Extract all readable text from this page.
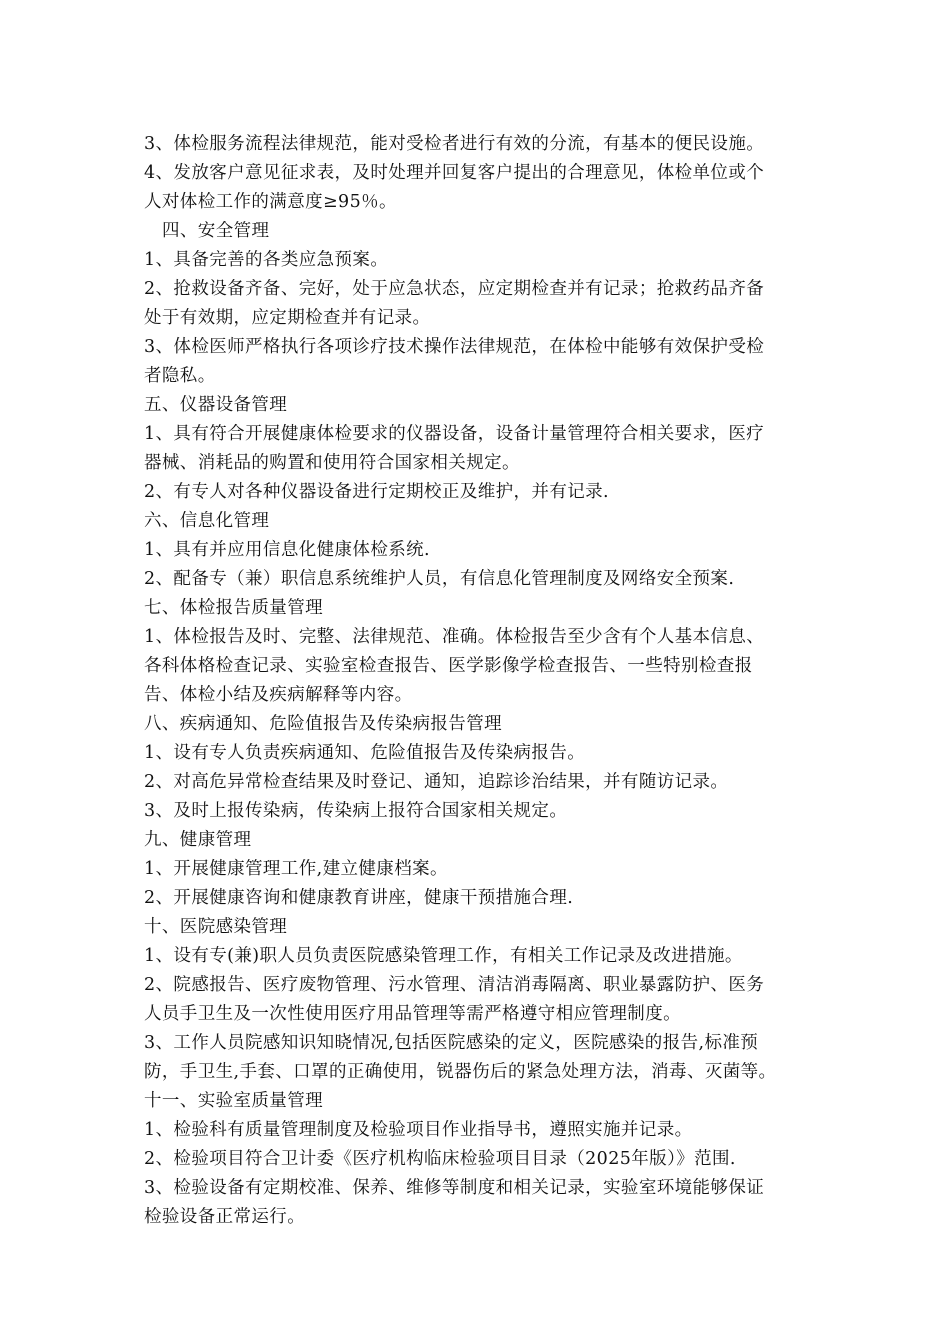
3、体检服务流程法律规范，能对受检者进行有效的分流，有基本的便民设施。
4、发放客户意见征求表，及时处理并回复客户提出的合理意见，体检单位或个
人对体检工作的满意度≥95％。
四、安全管理
1、具备完善的各类应急预案。
2、抢救设备齐备、完好，处于应急状态，应定期检查并有记录；抢救药品齐备
处于有效期，应定期检查并有记录。
3、体检医师严格执行各项诊疗技术操作法律规范，在体检中能够有效保护受检
者隐私。
五、仪器设备管理
1、具有符合开展健康体检要求的仪器设备，设备计量管理符合相关要求，医疗
器械、消耗品的购置和使用符合国家相关规定。
2、有专人对各种仪器设备进行定期校正及维护，并有记录.
六、信息化管理
1、具有并应用信息化健康体检系统.
2、配备专（兼）职信息系统维护人员，有信息化管理制度及网络安全预案.
七、体检报告质量管理
1、体检报告及时、完整、法律规范、准确。体检报告至少含有个人基本信息、
各科体格检查记录、实验室检查报告、医学影像学检查报告、一些特别检查报
告、体检小结及疾病解释等内容。
八、疾病通知、危险值报告及传染病报告管理
1、设有专人负责疾病通知、危险值报告及传染病报告。
2、对高危异常检查结果及时登记、通知，追踪诊治结果，并有随访记录。
3、及时上报传染病，传染病上报符合国家相关规定。
九、健康管理
1、开展健康管理工作,建立健康档案。
2、开展健康咨询和健康教育讲座，健康干预措施合理.
十、医院感染管理
1、设有专(兼)职人员负责医院感染管理工作，有相关工作记录及改进措施。
2、院感报告、医疗废物管理、污水管理、清洁消毒隔离、职业暴露防护、医务
人员手卫生及一次性使用医疗用品管理等需严格遵守相应管理制度。
3、工作人员院感知识知晓情况,包括医院感染的定义，医院感染的报告,标准预
防，手卫生,手套、口罩的正确使用，锐器伤后的紧急处理方法，消毒、灭菌等。
十一、实验室质量管理
1、检验科有质量管理制度及检验项目作业指导书，遵照实施并记录。
2、检验项目符合卫计委《医疗机构临床检验项目目录（2025年版）》范围.
3、检验设备有定期校准、保养、维修等制度和相关记录，实验室环境能够保证
检验设备正常运行。
